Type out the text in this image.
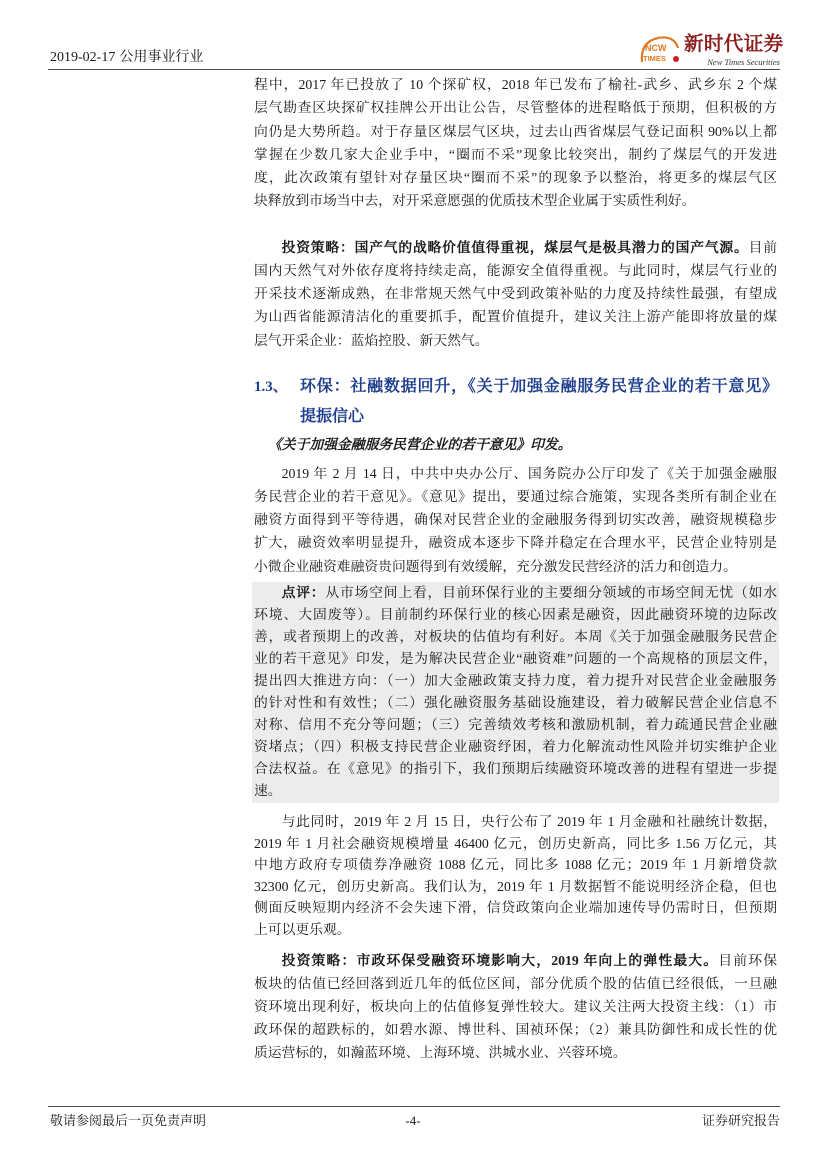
2019-02-17 公用事业行业
NCW
TIMES
新时代证券
New Times Securities
程中，2017 年已投放了 10 个探矿权，2018 年已发布了榆社-武乡、武乡东 2 个煤
层气勘查区块探矿权挂牌公开出让公告，尽管整体的进程略低于预期，但积极的方
向仍是大势所趋。对于存量区煤层气区块，过去山西省煤层气登记面积 90%以上都
掌握在少数几家大企业手中，“圈而不采”现象比较突出，制约了煤层气的开发进
度，此次政策有望针对存量区块“圈而不采”的现象予以整治，将更多的煤层气区
块释放到市场当中去，对开采意愿强的优质技术型企业属于实质性利好。
投资策略：国产气的战略价值值得重视，煤层气是极具潜力的国产气源。目前
国内天然气对外依存度将持续走高，能源安全值得重视。与此同时，煤层气行业的
开采技术逐渐成熟，在非常规天然气中受到政策补贴的力度及持续性最强，有望成
为山西省能源清洁化的重要抓手，配置价值提升，建议关注上游产能即将放量的煤
层气开采企业：蓝焰控股、新天然气。
1.3、 环保：社融数据回升，《关于加强金融服务民营企业的若干意见》
提振信心
《关于加强金融服务民营企业的若干意见》印发。
2019 年 2 月 14 日，中共中央办公厅、国务院办公厅印发了《关于加强金融服
务民营企业的若干意见》。《意见》提出，要通过综合施策，实现各类所有制企业在
融资方面得到平等待遇，确保对民营企业的金融服务得到切实改善，融资规模稳步
扩大，融资效率明显提升，融资成本逐步下降并稳定在合理水平，民营企业特别是
小微企业融资难融资贵问题得到有效缓解，充分激发民营经济的活力和创造力。
点评：从市场空间上看，目前环保行业的主要细分领域的市场空间无忧（如水
环境、大固废等）。目前制约环保行业的核心因素是融资，因此融资环境的边际改
善，或者预期上的改善，对板块的估值均有利好。本周《关于加强金融服务民营企
业的若干意见》印发，是为解决民营企业“融资难”问题的一个高规格的顶层文件，
提出四大推进方向：（一）加大金融政策支持力度，着力提升对民营企业金融服务
的针对性和有效性；（二）强化融资服务基础设施建设，着力破解民营企业信息不
对称、信用不充分等问题；（三）完善绩效考核和激励机制，着力疏通民营企业融
资堵点；（四）积极支持民营企业融资纾困，着力化解流动性风险并切实维护企业
合法权益。在《意见》的指引下，我们预期后续融资环境改善的进程有望进一步提
速。
与此同时，2019 年 2 月 15 日，央行公布了 2019 年 1 月金融和社融统计数据，
2019 年 1 月社会融资规模增量 46400 亿元，创历史新高，同比多 1.56 万亿元，其
中地方政府专项债券净融资 1088 亿元，同比多 1088 亿元；2019 年 1 月新增贷款
32300 亿元，创历史新高。我们认为，2019 年 1 月数据暂不能说明经济企稳，但也
侧面反映短期内经济不会失速下滑，信贷政策向企业端加速传导仍需时日，但预期
上可以更乐观。
投资策略：市政环保受融资环境影响大，2019 年向上的弹性最大。目前环保
板块的估值已经回落到近几年的低位区间，部分优质个股的估值已经很低，一旦融
资环境出现利好，板块向上的估值修复弹性较大。建议关注两大投资主线：（1）市
政环保的超跌标的，如碧水源、博世科、国祯环保；（2）兼具防御性和成长性的优
质运营标的，如瀚蓝环境、上海环境、洪城水业、兴蓉环境。
敬请参阅最后一页免责声明	-4-	证券研究报告
